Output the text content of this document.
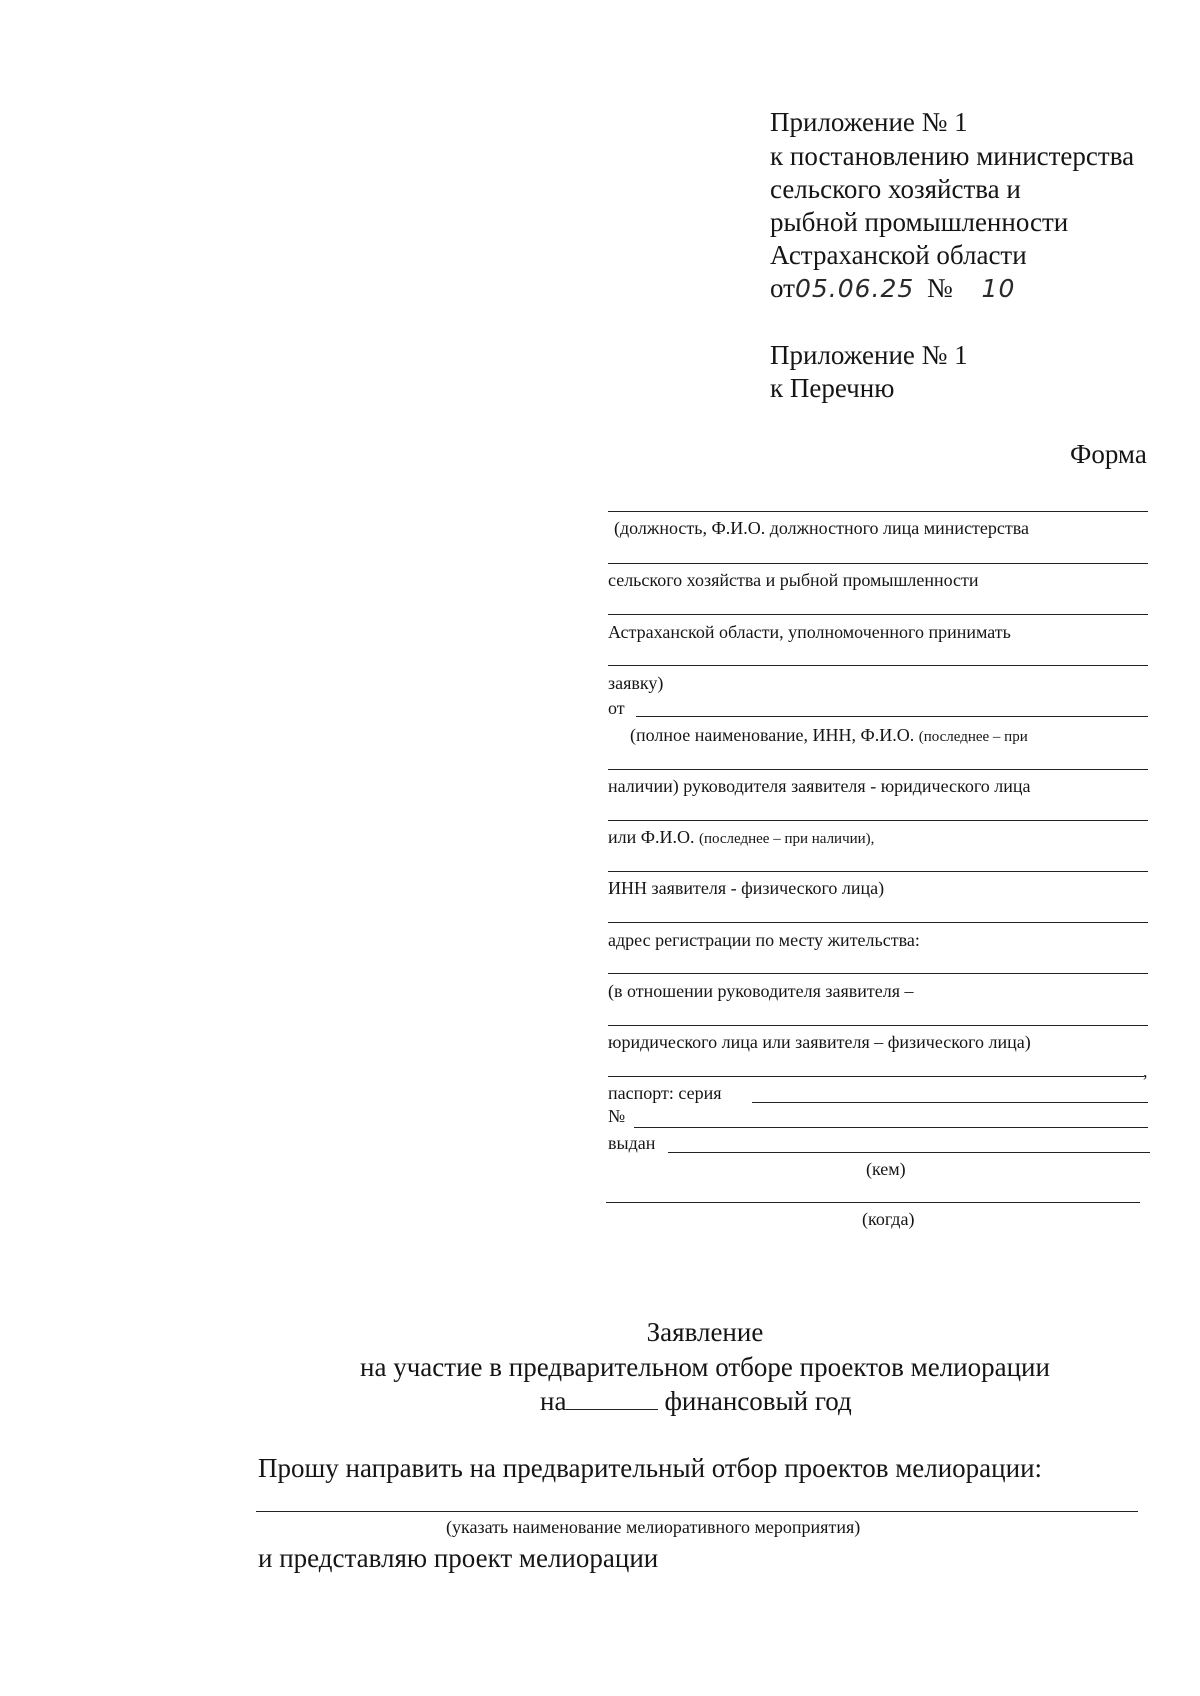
Приложение № 1
к постановлению министерства
сельского хозяйства и
рыбной промышленности
Астраханской области
от05.06.25 № 10
Приложение № 1
к Перечню
Форма
(должность, Ф.И.О. должностного лица министерства
сельского хозяйства и рыбной промышленности
Астраханской области, уполномоченного принимать
заявку)
от
(полное наименование, ИНН, Ф.И.О. (последнее – при
наличии) руководителя заявителя - юридического лица
или Ф.И.О. (последнее – при наличии),
ИНН заявителя - физического лица)
адрес регистрации по месту жительства:
(в отношении руководителя заявителя –
юридического лица или заявителя – физического лица)
,
паспорт: серия
№
выдан
(кем)
(когда)
Заявление
на участие в предварительном отборе проектов мелиорации
на	финансовый год
Прошу направить на предварительный отбор проектов мелиорации:
(указать наименование мелиоративного мероприятия)
и представляю проект мелиорации
